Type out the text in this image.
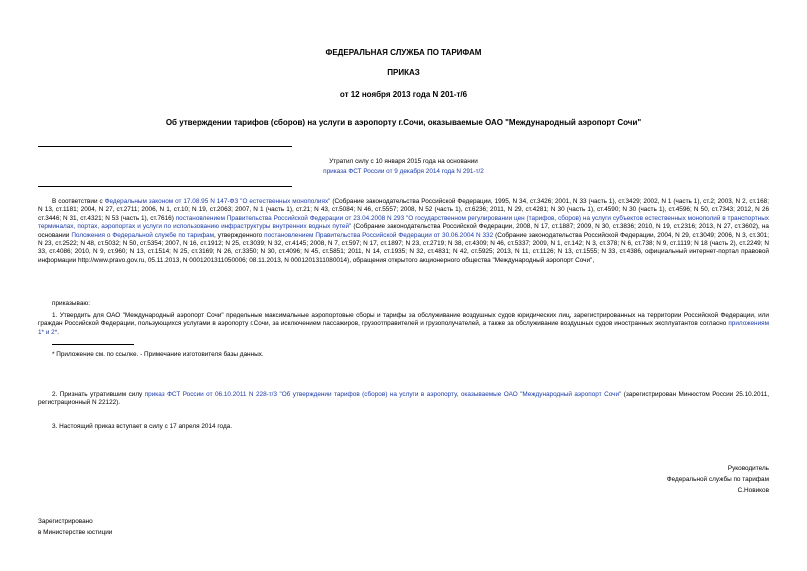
ФЕДЕРАЛЬНАЯ СЛУЖБА ПО ТАРИФАМ
ПРИКАЗ
от 12 ноября 2013 года N 201-т/6
Об утверждении тарифов (сборов) на услуги в аэропорту г.Сочи, оказываемые ОАО "Международный аэропорт Сочи"
Утратил силу с 10 января 2015 года на основании
приказа ФСТ России от 9 декабря 2014 года N 291-т/2
В соответствии с Федеральным законом от 17.08.95 N 147-ФЗ "О естественных монополиях" (Собрание законодательства Российской Федерации, 1995, N 34, ст.3426; 2001, N 33 (часть 1), ст.3429; 2002, N 1 (часть 1), ст.2; 2003, N 2, ст.168; N 13, ст.1181; 2004, N 27, ст.2711; 2006, N 1, ст.10; N 19, ст.2063; 2007, N 1 (часть 1), ст.21; N 43, ст.5084; N 46, ст.5557; 2008, N 52 (часть 1), ст.6236; 2011, N 29, ст.4281; N 30 (часть 1), ст.4590; N 30 (часть 1), ст.4596; N 50, ст.7343; 2012, N 26 ст.3446; N 31, ст.4321; N 53 (часть 1), ст.7616) постановлением Правительства Российской Федерации от 23.04.2008 N 293 "О государственном регулировании цен (тарифов, сборов) на услуги субъектов естественных монополий в транспортных терминалах, портах, аэропортах и услуги по использованию инфраструктуры внутренних водных путей" (Собрание законодательства Российской Федерации, 2008, N 17, ст.1887; 2009, N 30, ст.3836; 2010, N 19, ст.2316; 2013, N 27, ст.3602), на основании Положения о Федеральной службе по тарифам, утвержденного постановлением Правительства Российской Федерации от 30.06.2004 N 332 (Собрание законодательства Российской Федерации, 2004, N 29, ст.3049; 2006, N 3, ст.301; N 23, ст.2522; N 48, ст.5032; N 50, ст.5354; 2007, N 16, ст.1912; N 25, ст.3039; N 32, ст.4145; 2008, N 7, ст.597; N 17, ст.1897; N 23, ст.2719; N 38, ст.4309; N 46, ст.5337; 2009, N 1, ст.142; N 3, ст.378; N 6, ст.738; N 9, ст.1119; N 18 (часть 2), ст.2249; N 33, ст.4086; 2010, N 9, ст.960; N 13, ст.1514; N 25, ст.3169; N 26, ст.3350; N 30, ст.4096; N 45, ст.5851; 2011, N 14, ст.1935; N 32, ст.4831; N 42, ст.5925; 2013, N 11, ст.1126; N 13, ст.1555; N 33, ст.4386, официальный интернет-портал правовой информации http://www.pravo.gov.ru, 05.11.2013, N 0001201311050006; 08.11.2013, N 0001201311080014), обращения открытого акционерного общества "Международный аэропорт Сочи",
приказываю:
1. Утвердить для ОАО "Международный аэропорт Сочи" предельные максимальные аэропортовые сборы и тарифы за обслуживание воздушных судов юридических лиц, зарегистрированных на территории Российской Федерации, или граждан Российской Федерации, пользующихся услугами в аэропорту г.Сочи, за исключением пассажиров, грузоотправителей и грузополучателей, а также за обслуживание воздушных судов иностранных эксплуатантов согласно приложениям 1* и 2*.
* Приложение см. по ссылке. - Примечание изготовителя базы данных.
2. Признать утратившим силу приказ ФСТ России от 06.10.2011 N 228-т/3 "Об утверждении тарифов (сборов) на услуги в аэропорту, оказываемые ОАО "Международный аэропорт Сочи" (зарегистрирован Минюстом России 25.10.2011, регистрационный N 22122).
3. Настоящий приказ вступает в силу с 17 апреля 2014 года.
Руководитель
Федеральной службы по тарифам
С.Новиков
Зарегистрировано
в Министерстве юстиции
